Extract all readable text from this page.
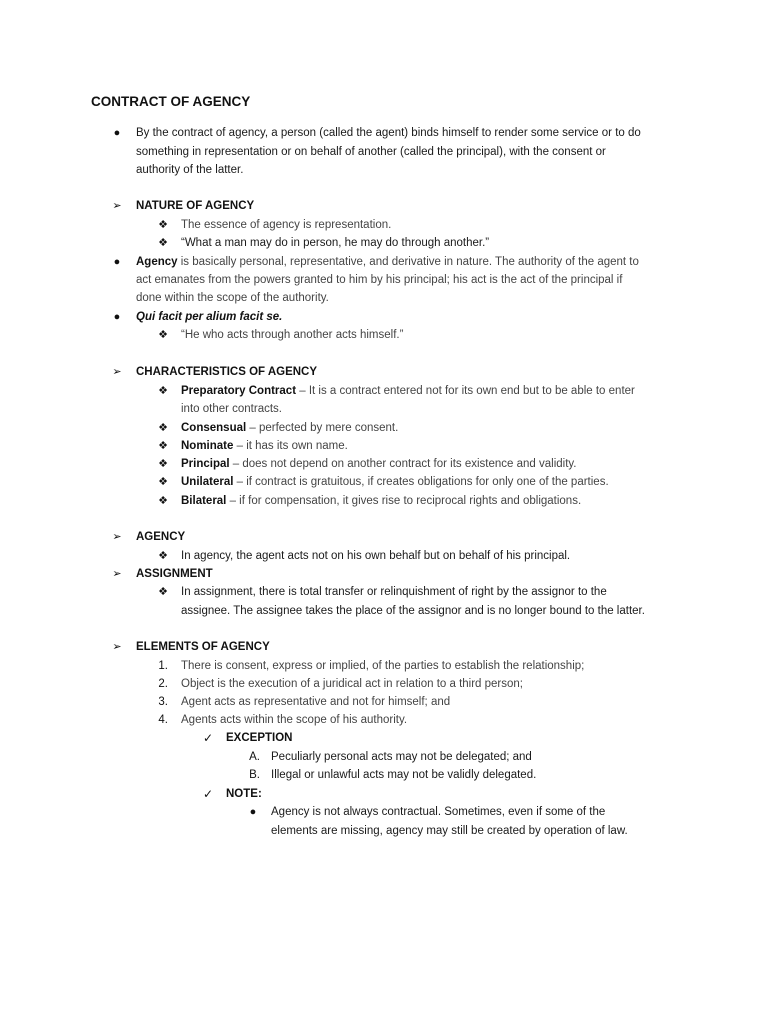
CONTRACT OF AGENCY
●	By the contract of agency, a person (called the agent) binds himself to render some service or to do
something in representation or on behalf of another (called the principal), with the consent or
authority of the latter.
➢	NATURE OF AGENCY
❖	The essence of agency is representation.
❖	“What a man may do in person, he may do through another.”
●	Agency is basically personal, representative, and derivative in nature. The authority of the agent to
act emanates from the powers granted to him by his principal; his act is the act of the principal if
done within the scope of the authority.
●	Qui facit per alium facit se.
❖	“He who acts through another acts himself.”
➢	CHARACTERISTICS OF AGENCY
❖	Preparatory Contract – It is a contract entered not for its own end but to be able to enter
into other contracts.
❖	Consensual – perfected by mere consent.
❖	Nominate – it has its own name.
❖	Principal – does not depend on another contract for its existence and validity.
❖	Unilateral – if contract is gratuitous, if creates obligations for only one of the parties.
❖	Bilateral – if for compensation, it gives rise to reciprocal rights and obligations.
➢	AGENCY
❖	In agency, the agent acts not on his own behalf but on behalf of his principal.
➢	ASSIGNMENT
❖	In assignment, there is total transfer or relinquishment of right by the assignor to the
assignee. The assignee takes the place of the assignor and is no longer bound to the latter.
➢	ELEMENTS OF AGENCY
1. There is consent, express or implied, of the parties to establish the relationship;
2. Object is the execution of a juridical act in relation to a third person;
3. Agent acts as representative and not for himself; and
4. Agents acts within the scope of his authority.
✓	EXCEPTION
A. Peculiarly personal acts may not be delegated; and
B. Illegal or unlawful acts may not be validly delegated.
✓	NOTE:
●	Agency is not always contractual. Sometimes, even if some of the
elements are missing, agency may still be created by operation of law.
